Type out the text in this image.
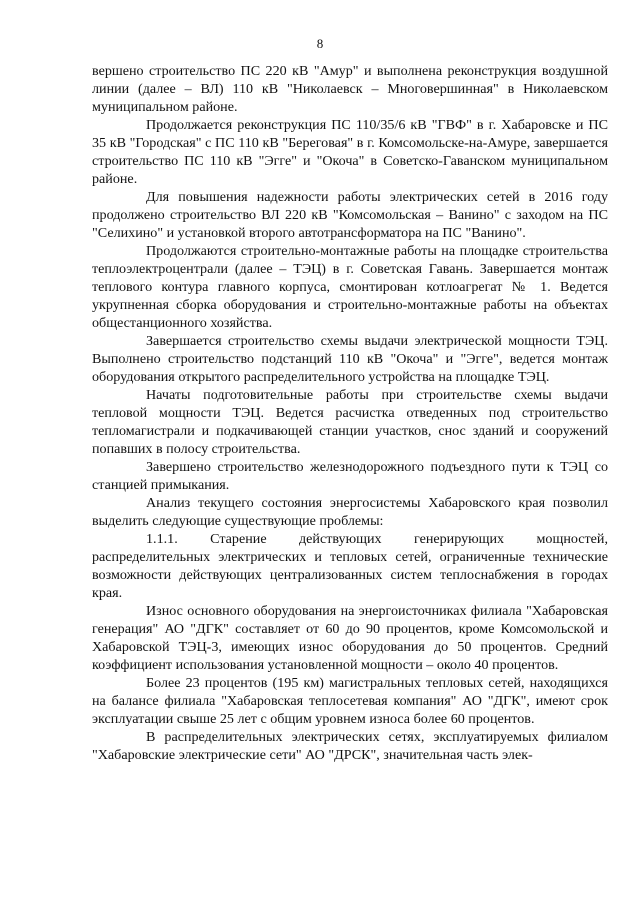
8

вершено строительство ПС 220 кВ "Амур" и выполнена реконструкция воздушной линии (далее – ВЛ) 110 кВ "Николаевск – Многовершинная" в Николаевском муниципальном районе.

Продолжается реконструкция ПС 110/35/6 кВ "ГВФ" в г. Хабаровске и ПС 35 кВ "Городская" с ПС 110 кВ "Береговая" в г. Комсомольске-на-Амуре, завершается строительство ПС 110 кВ "Эгге" и "Окоча" в Советско-Гаванском муниципальном районе.

Для повышения надежности работы электрических сетей в 2016 году продолжено строительство ВЛ 220 кВ "Комсомольская – Ванино" с заходом на ПС "Селихино" и установкой второго автотрансформатора на ПС "Ванино".

Продолжаются строительно-монтажные работы на площадке строительства теплоэлектроцентрали (далее – ТЭЦ) в г. Советская Гавань. Завершается монтаж теплового контура главного корпуса, смонтирован котлоагрегат № 1. Ведется укрупненная сборка оборудования и строительно-монтажные работы на объектах общестанционного хозяйства.

Завершается строительство схемы выдачи электрической мощности ТЭЦ. Выполнено строительство подстанций 110 кВ "Окоча" и "Эгге", ведется монтаж оборудования открытого распределительного устройства на площадке ТЭЦ.

Начаты подготовительные работы при строительстве схемы выдачи тепловой мощности ТЭЦ. Ведется расчистка отведенных под строительство тепломагистрали и подкачивающей станции участков, снос зданий и сооружений попавших в полосу строительства.

Завершено строительство железнодорожного подъездного пути к ТЭЦ со станцией примыкания.

Анализ текущего состояния энергосистемы Хабаровского края позволил выделить следующие существующие проблемы:

1.1.1. Старение действующих генерирующих мощностей, распределительных электрических и тепловых сетей, ограниченные технические возможности действующих централизованных систем теплоснабжения в городах края.

Износ основного оборудования на энергоисточниках филиала "Хабаровская генерация" АО "ДГК" составляет от 60 до 90 процентов, кроме Комсомольской и Хабаровской ТЭЦ-3, имеющих износ оборудования до 50 процентов. Средний коэффициент использования установленной мощности – около 40 процентов.

Более 23 процентов (195 км) магистральных тепловых сетей, находящихся на балансе филиала "Хабаровская теплосетевая компания" АО "ДГК", имеют срок эксплуатации свыше 25 лет с общим уровнем износа более 60 процентов.

В распределительных электрических сетях, эксплуатируемых филиалом "Хабаровские электрические сети" АО "ДРСК", значительная часть элек-
